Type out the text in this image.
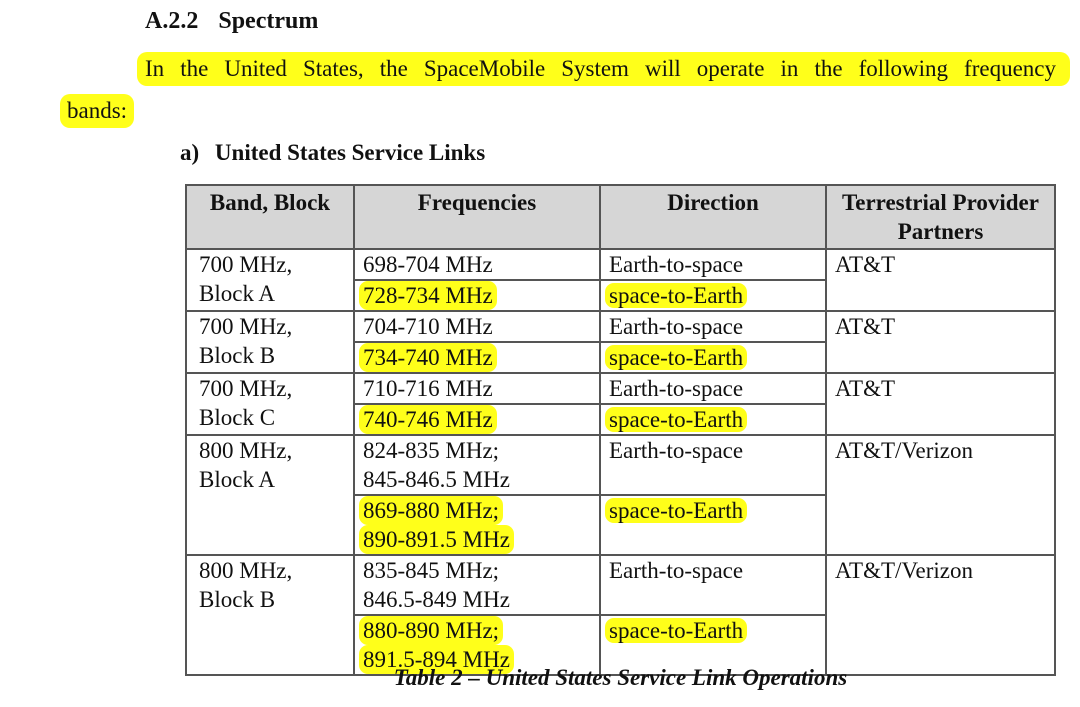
A.2.2 Spectrum
In the United States, the SpaceMobile System will operate in the following frequency
bands:
a) United States Service Links
Band, Block	Frequencies	Direction	Terrestrial Provider Partners

700 MHz,
Block A	698-704 MHz	Earth-to-space	AT&T
	728-734 MHz	space-to-Earth	

700 MHz,
Block B	704-710 MHz	Earth-to-space	AT&T
	734-740 MHz	space-to-Earth	

700 MHz,
Block C	710-716 MHz	Earth-to-space	AT&T
	740-746 MHz	space-to-Earth	

800 MHz,
Block A	824-835 MHz;
845-846.5 MHz	Earth-to-space	AT&T/Verizon
	869-880 MHz;
890-891.5 MHz	space-to-Earth	

800 MHz,
Block B	835-845 MHz;
846.5-849 MHz	Earth-to-space	AT&T/Verizon
	880-890 MHz;
891.5-894 MHz	space-to-Earth	
Table 2 – United States Service Link Operations
